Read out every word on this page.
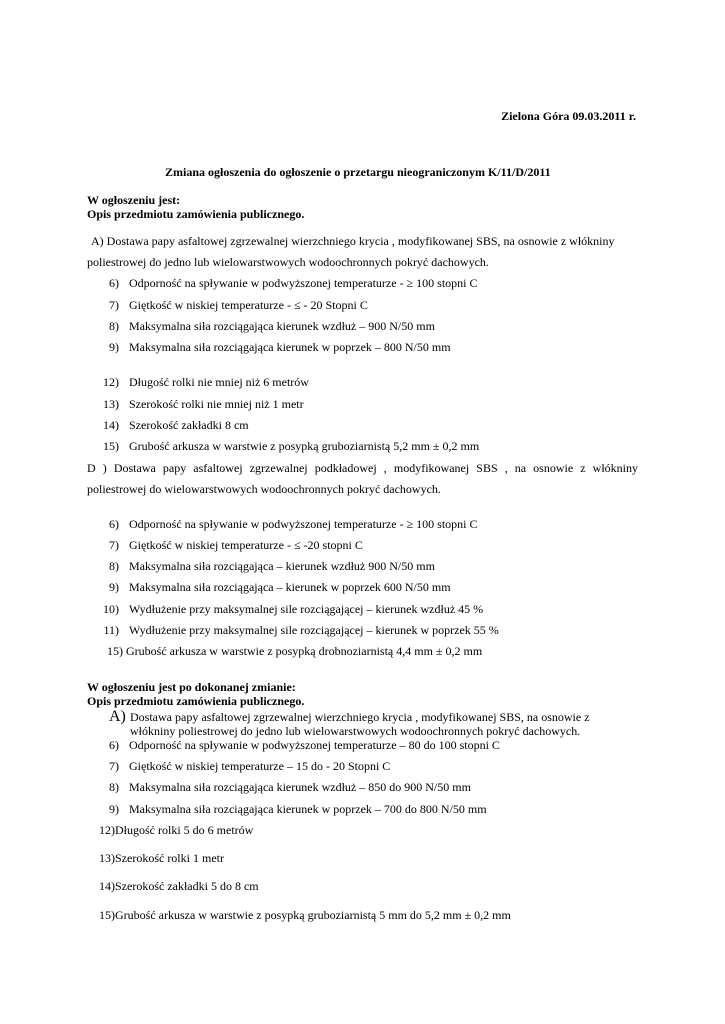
Zielona Góra 09.03.2011 r.
Zmiana ogłoszenia do ogłoszenie o przetargu nieograniczonym K/11/D/2011
W ogłoszeniu jest:
Opis przedmiotu zamówienia publicznego.
A) Dostawa papy asfaltowej zgrzewalnej wierzchniego krycia , modyfikowanej SBS, na osnowie z włókniny
poliestrowej do jedno lub wielowarstwowych wodoochronnych pokryć dachowych.
6) Odporność na spływanie w podwyższonej temperaturze - ≥ 100 stopni C
7) Giętkość w niskiej temperaturze - ≤ - 20 Stopni C
8) Maksymalna siła rozciągająca kierunek wzdłuż – 900 N/50 mm
9) Maksymalna siła rozciągająca kierunek w poprzek – 800 N/50 mm
12) Długość rolki nie mniej niż 6 metrów
13) Szerokość rolki nie mniej niż 1 metr
14) Szerokość zakładki 8 cm
15) Grubość arkusza w warstwie z posypką gruboziarnistą 5,2 mm ± 0,2 mm
D ) Dostawa papy asfaltowej zgrzewalnej podkładowej , modyfikowanej SBS , na osnowie z włókniny
poliestrowej do wielowarstwowych wodoochronnych pokryć dachowych.
6) Odporność na spływanie w podwyższonej temperaturze - ≥ 100 stopni C
7) Giętkość w niskiej temperaturze - ≤ -20 stopni C
8) Maksymalna siła rozciągająca – kierunek wzdłuż 900 N/50 mm
9) Maksymalna siła rozciągająca – kierunek w poprzek 600 N/50 mm
10) Wydłużenie przy maksymalnej sile rozciągającej – kierunek wzdłuż 45 %
11) Wydłużenie przy maksymalnej sile rozciągającej – kierunek w poprzek 55 %
15) Grubość arkusza w warstwie z posypką drobnoziarnistą 4,4 mm ± 0,2 mm
W ogłoszeniu jest po dokonanej zmianie:
Opis przedmiotu zamówienia publicznego.
A) Dostawa papy asfaltowej zgrzewalnej wierzchniego krycia , modyfikowanej SBS, na osnowie z
włókniny poliestrowej do jedno lub wielowarstwowych wodoochronnych pokryć dachowych.
6) Odporność na spływanie w podwyższonej temperaturze – 80 do 100 stopni C
7) Giętkość w niskiej temperaturze – 15 do - 20 Stopni C
8) Maksymalna siła rozciągająca kierunek wzdłuż – 850 do 900 N/50 mm
9) Maksymalna siła rozciągająca kierunek w poprzek – 700 do 800 N/50 mm
12)Długość rolki 5 do 6 metrów
13)Szerokość rolki 1 metr
14)Szerokość zakładki 5 do 8 cm
15)Grubość arkusza w warstwie z posypką gruboziarnistą 5 mm do 5,2 mm ± 0,2 mm
